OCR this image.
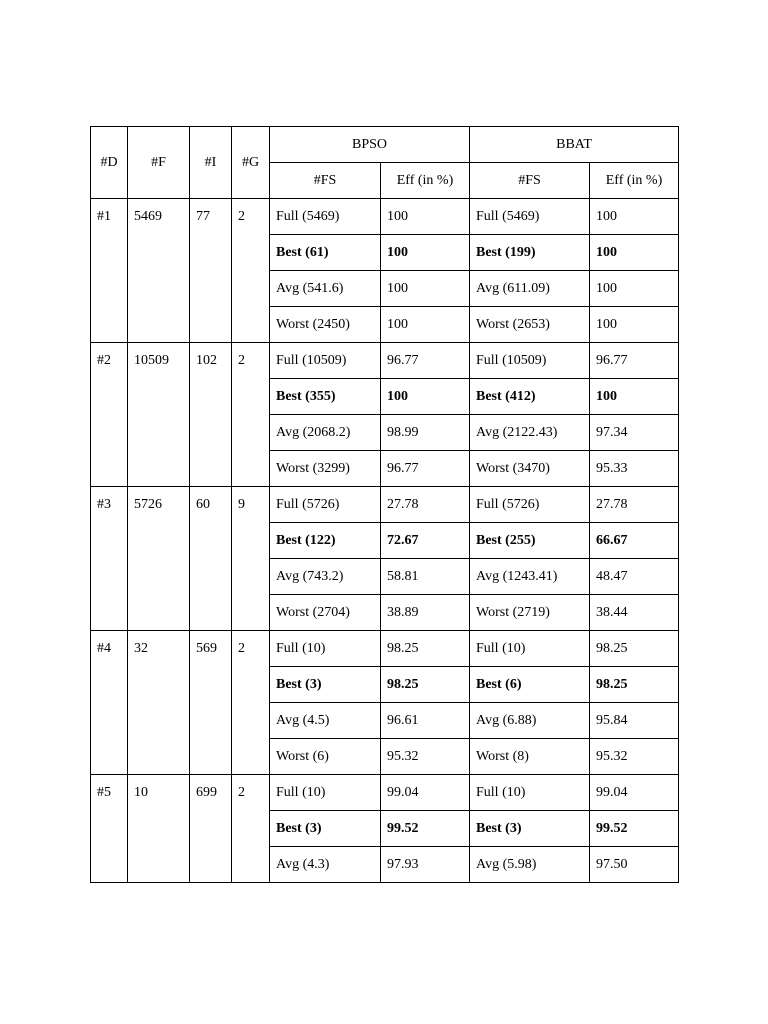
#D	#F	#I	#G	BPSO		BBAT	
				#FS	Eff (in %)	#FS	Eff (in %)
#1	5469	77	2	Full (5469)	100	Full (5469)	100
				Best (61)	100	Best (199)	100
				Avg (541.6)	100	Avg (611.09)	100
				Worst (2450)	100	Worst (2653)	100
#2	10509	102	2	Full (10509)	96.77	Full (10509)	96.77
				Best (355)	100	Best (412)	100
				Avg (2068.2)	98.99	Avg (2122.43)	97.34
				Worst (3299)	96.77	Worst (3470)	95.33
#3	5726	60	9	Full (5726)	27.78	Full (5726)	27.78
				Best (122)	72.67	Best (255)	66.67
				Avg (743.2)	58.81	Avg (1243.41)	48.47
				Worst (2704)	38.89	Worst (2719)	38.44
#4	32	569	2	Full (10)	98.25	Full (10)	98.25
				Best (3)	98.25	Best (6)	98.25
				Avg (4.5)	96.61	Avg (6.88)	95.84
				Worst (6)	95.32	Worst (8)	95.32
#5	10	699	2	Full (10)	99.04	Full (10)	99.04
				Best (3)	99.52	Best (3)	99.52
				Avg (4.3)	97.93	Avg (5.98)	97.50
